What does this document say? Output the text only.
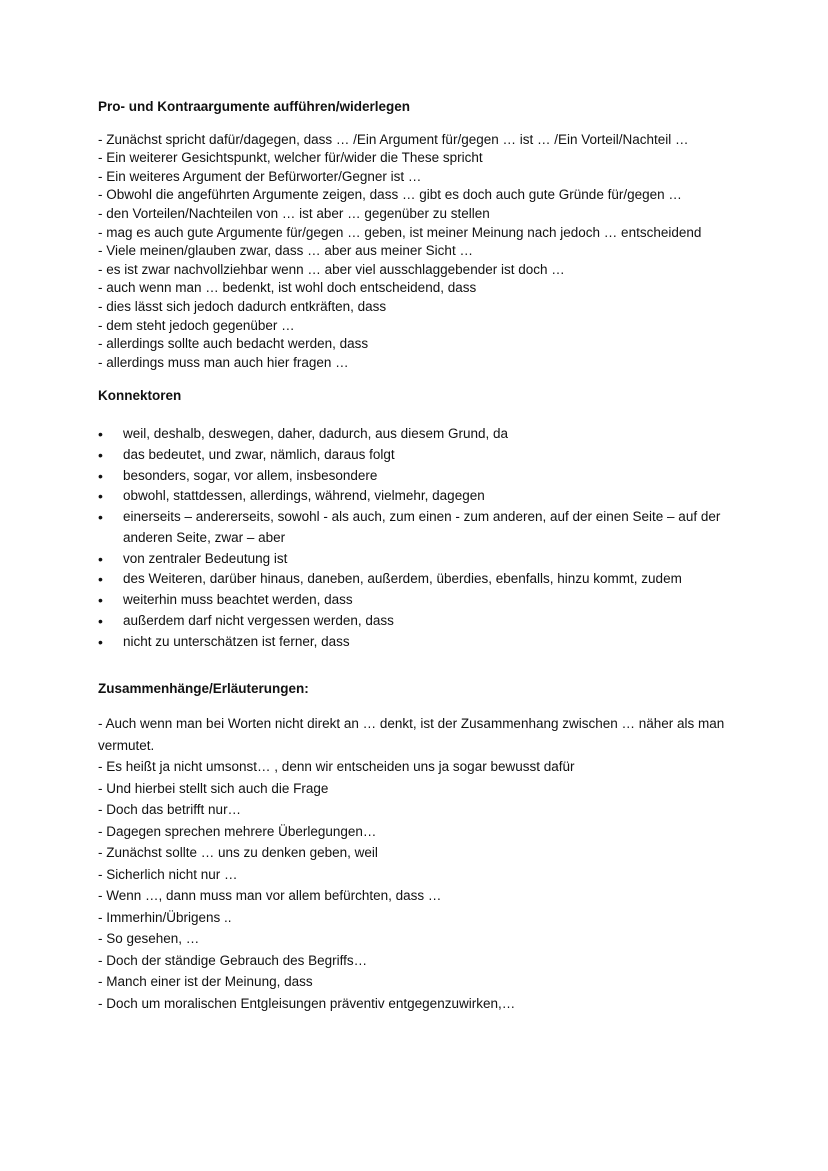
Pro- und Kontraargumente aufführen/widerlegen
- Zunächst spricht dafür/dagegen, dass … /Ein Argument für/gegen … ist … /Ein Vorteil/Nachteil …
- Ein weiterer Gesichtspunkt, welcher für/wider die These spricht
- Ein weiteres Argument der Befürworter/Gegner ist …
- Obwohl die angeführten Argumente zeigen, dass … gibt es doch auch gute Gründe für/gegen …
- den Vorteilen/Nachteilen von … ist aber … gegenüber zu stellen
- mag es auch gute Argumente für/gegen … geben, ist meiner Meinung nach jedoch … entscheidend
- Viele meinen/glauben zwar, dass … aber aus meiner Sicht …
- es ist zwar nachvollziehbar wenn … aber viel ausschlaggebender ist doch …
- auch wenn man … bedenkt, ist wohl doch entscheidend, dass
- dies lässt sich jedoch dadurch entkräften, dass
- dem steht jedoch gegenüber …
- allerdings sollte auch bedacht werden, dass
- allerdings muss man auch hier fragen …
Konnektoren
•	weil, deshalb, deswegen, daher, dadurch, aus diesem Grund, da
•	das bedeutet, und zwar, nämlich, daraus folgt
•	besonders, sogar, vor allem, insbesondere
•	obwohl, stattdessen, allerdings, während, vielmehr, dagegen
•	einerseits – andererseits, sowohl - als auch, zum einen - zum anderen, auf der einen Seite – auf der anderen Seite, zwar – aber
•	von zentraler Bedeutung ist
•	des Weiteren, darüber hinaus, daneben, außerdem, überdies, ebenfalls, hinzu kommt, zudem
•	weiterhin muss beachtet werden, dass
•	außerdem darf nicht vergessen werden, dass
•	nicht zu unterschätzen ist ferner, dass
Zusammenhänge/Erläuterungen:
- Auch wenn man bei Worten nicht direkt an … denkt, ist der Zusammenhang zwischen … näher als man vermutet.
- Es heißt ja nicht umsonst… , denn wir entscheiden uns ja sogar bewusst dafür
- Und hierbei stellt sich auch die Frage
- Doch das betrifft nur…
- Dagegen sprechen mehrere Überlegungen…
- Zunächst sollte … uns zu denken geben, weil
- Sicherlich nicht nur …
- Wenn …, dann muss man vor allem befürchten, dass …
- Immerhin/Übrigens ..
- So gesehen, …
- Doch der ständige Gebrauch des Begriffs…
- Manch einer ist der Meinung, dass
- Doch um moralischen Entgleisungen präventiv entgegenzuwirken,…
